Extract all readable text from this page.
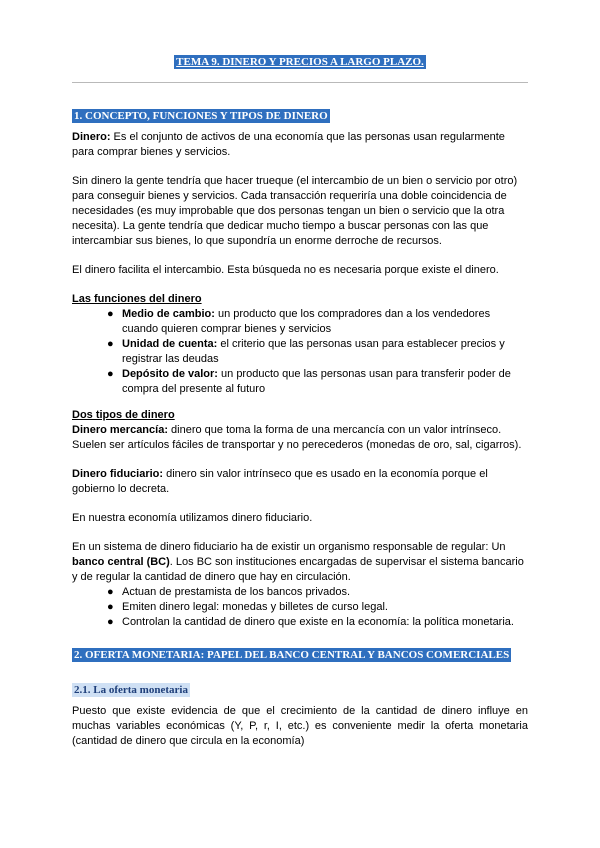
TEMA 9. DINERO Y PRECIOS A LARGO PLAZO.
1. CONCEPTO, FUNCIONES Y TIPOS DE DINERO

Dinero: Es el conjunto de activos de una economía que las personas usan regularmente para comprar bienes y servicios.

Sin dinero la gente tendría que hacer trueque (el intercambio de un bien o servicio por otro) para conseguir bienes y servicios. Cada transacción requeriría una doble coincidencia de necesidades (es muy improbable que dos personas tengan un bien o servicio que la otra necesita). La gente tendría que dedicar mucho tiempo a buscar personas con las que intercambiar sus bienes, lo que supondría un enorme derroche de recursos.

El dinero facilita el intercambio. Esta búsqueda no es necesaria porque existe el dinero.

Las funciones del dinero

● Medio de cambio: un producto que los compradores dan a los vendedores cuando quieren comprar bienes y servicios
● Unidad de cuenta: el criterio que las personas usan para establecer precios y registrar las deudas
● Depósito de valor: un producto que las personas usan para transferir poder de compra del presente al futuro

Dos tipos de dinero

Dinero mercancía: dinero que toma la forma de una mercancía con un valor intrínseco. Suelen ser artículos fáciles de transportar y no perecederos (monedas de oro, sal, cigarros).

Dinero fiduciario: dinero sin valor intrínseco que es usado en la economía porque el gobierno lo decreta.

En nuestra economía utilizamos dinero fiduciario.

En un sistema de dinero fiduciario ha de existir un organismo responsable de regular: Un banco central (BC). Los BC son instituciones encargadas de supervisar el sistema bancario y de regular la cantidad de dinero que hay en circulación.

● Actuan de prestamista de los bancos privados.
● Emiten dinero legal: monedas y billetes de curso legal.
● Controlan la cantidad de dinero que existe en la economía: la política monetaria.
2. OFERTA MONETARIA: PAPEL DEL BANCO CENTRAL Y BANCOS COMERCIALES
2.1. La oferta monetaria

Puesto que existe evidencia de que el crecimiento de la cantidad de dinero influye en muchas variables económicas (Y, P, r, I, etc.) es conveniente medir la oferta monetaria (cantidad de dinero que circula en la economía)
